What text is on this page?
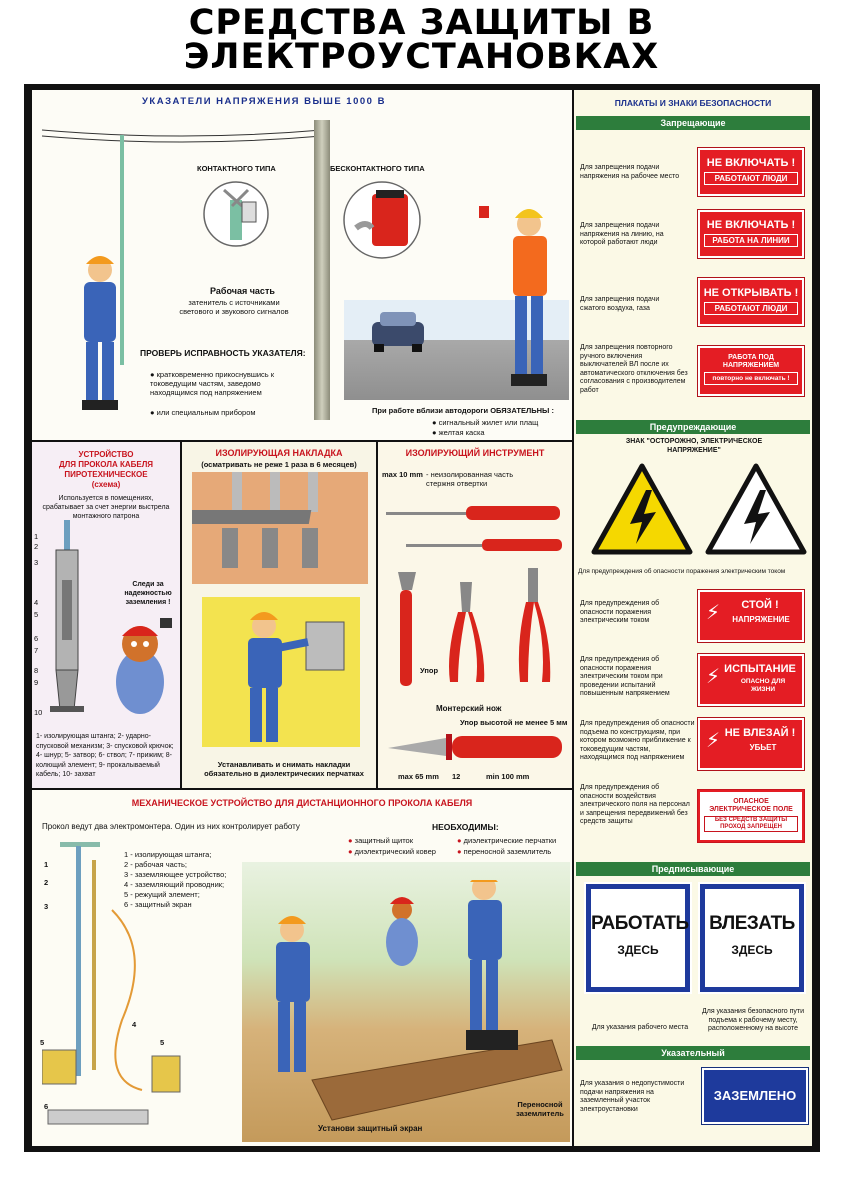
СРЕДСТВА ЗАЩИТЫ В
ЭЛЕКТРОУСТАНОВКАХ
УКАЗАТЕЛИ НАПРЯЖЕНИЯ ВЫШЕ 1000 В
КОНТАКТНОГО ТИПА	БЕСКОНТАКТНОГО ТИПА
Рабочая часть
затенитель с источниками светового и звукового сигналов
ПРОВЕРЬ ИСПРАВНОСТЬ УКАЗАТЕЛЯ:
● кратковременно прикоснувшись к токоведущим частям, заведомо находящимся под напряжением
● или специальным прибором	При работе вблизи автодороги ОБЯЗАТЕЛЬНЫ :
● сигнальный жилет или плащ
● желтая каска
УСТРОЙСТВО
ДЛЯ ПРОКОЛА КАБЕЛЯ
ПИРОТЕХНИЧЕСКОЕ
(схема)
Используется в помещениях, срабатывает за счет энергии выстрела монтажного патрона
1
2
3
4
5
6
7
8
9
10
Следи за надежностью заземления !
1- изолирующая штанга; 2- ударно-спусковой механизм; 3- спусковой крючок; 4- шнур; 5- затвор; 6- ствол; 7- прижим; 8- колющий элемент; 9- прокалываемый кабель; 10- захват
ИЗОЛИРУЮЩАЯ НАКЛАДКА
(осматривать не реже 1 раза в 6 месяцев)
Устанавливать и снимать накладки обязательно в диэлектрических перчатках
ИЗОЛИРУЮЩИЙ ИНСТРУМЕНТ
max 10 mm - неизолированная часть стержня отвертки
Упор
Монтерский нож
Упор высотой не менее 5 мм
max 65 mm 12	min 100 mm
МЕХАНИЧЕСКОЕ УСТРОЙСТВО ДЛЯ ДИСТАНЦИОННОГО ПРОКОЛА КАБЕЛЯ
Прокол ведут два электромонтера. Один из них контролирует работу	НЕОБХОДИМЫ:
● защитный щиток
● диэлектрический ковер
● диэлектрические перчатки
● переносной заземлитель
1 - изолирующая штанга;
2 - рабочая часть;
3 - заземляющее устройство;
4 - заземляющий проводник;
5 - режущий элемент;
6 - защитный экран
1
2
3
4
5	5
6	Переносной заземлитель
Установи защитный экран
ПЛАКАТЫ И ЗНАКИ БЕЗОПАСНОСТИ
Запрещающие
Для запрещения подачи напряжения на рабочее место
НЕ ВКЛЮЧАТЬ !
РАБОТАЮТ ЛЮДИ
Для запрещения подачи напряжения на линию, на которой работают люди
НЕ ВКЛЮЧАТЬ !
РАБОТА НА ЛИНИИ
Для запрещения подачи сжатого воздуха, газа
НЕ ОТКРЫВАТЬ !
РАБОТАЮТ ЛЮДИ
Для запрещения повторного ручного включения выключателей ВЛ после их автоматического отключения без согласования с производителем работ
РАБОТА ПОД НАПРЯЖЕНИЕМ
повторно не включать !
Предупреждающие
ЗНАК "ОСТОРОЖНО, ЭЛЕКТРИЧЕСКОЕ НАПРЯЖЕНИЕ"
Для предупреждения об опасности поражения электрическим током
Для предупреждения об опасности поражения электрическим током	⚡	СТОЙ !
НАПРЯЖЕНИЕ
Для предупреждения об опасности поражения электрическим током при проведении испытаний повышенным напряжением
⚡ ИСПЫТАНИЕ
ОПАСНО ДЛЯ ЖИЗНИ
Для предупреждения об опасности подъема по конструкциям, при котором возможно приближение к токоведущим частям, находящимся под напряжением
⚡ НЕ ВЛЕЗАЙ !
УБЬЕТ
Для предупреждения об опасности воздействия электрического поля на персонал и запрещения передвижений без средств защиты
ОПАСНОЕ ЭЛЕКТРИЧЕСКОЕ ПОЛЕ
БЕЗ СРЕДСТВ ЗАЩИТЫ ПРОХОД ЗАПРЕЩЕН
Предписывающие
РАБОТАТЬ
ЗДЕСЬ
ВЛЕЗАТЬ
ЗДЕСЬ
Для указания рабочего места
Для указания безопасного пути подъема к рабочему месту, расположенному на высоте
Указательный
Для указания о недопустимости подачи напряжения на заземленный участок электроустановки
ЗАЗЕМЛЕНО
